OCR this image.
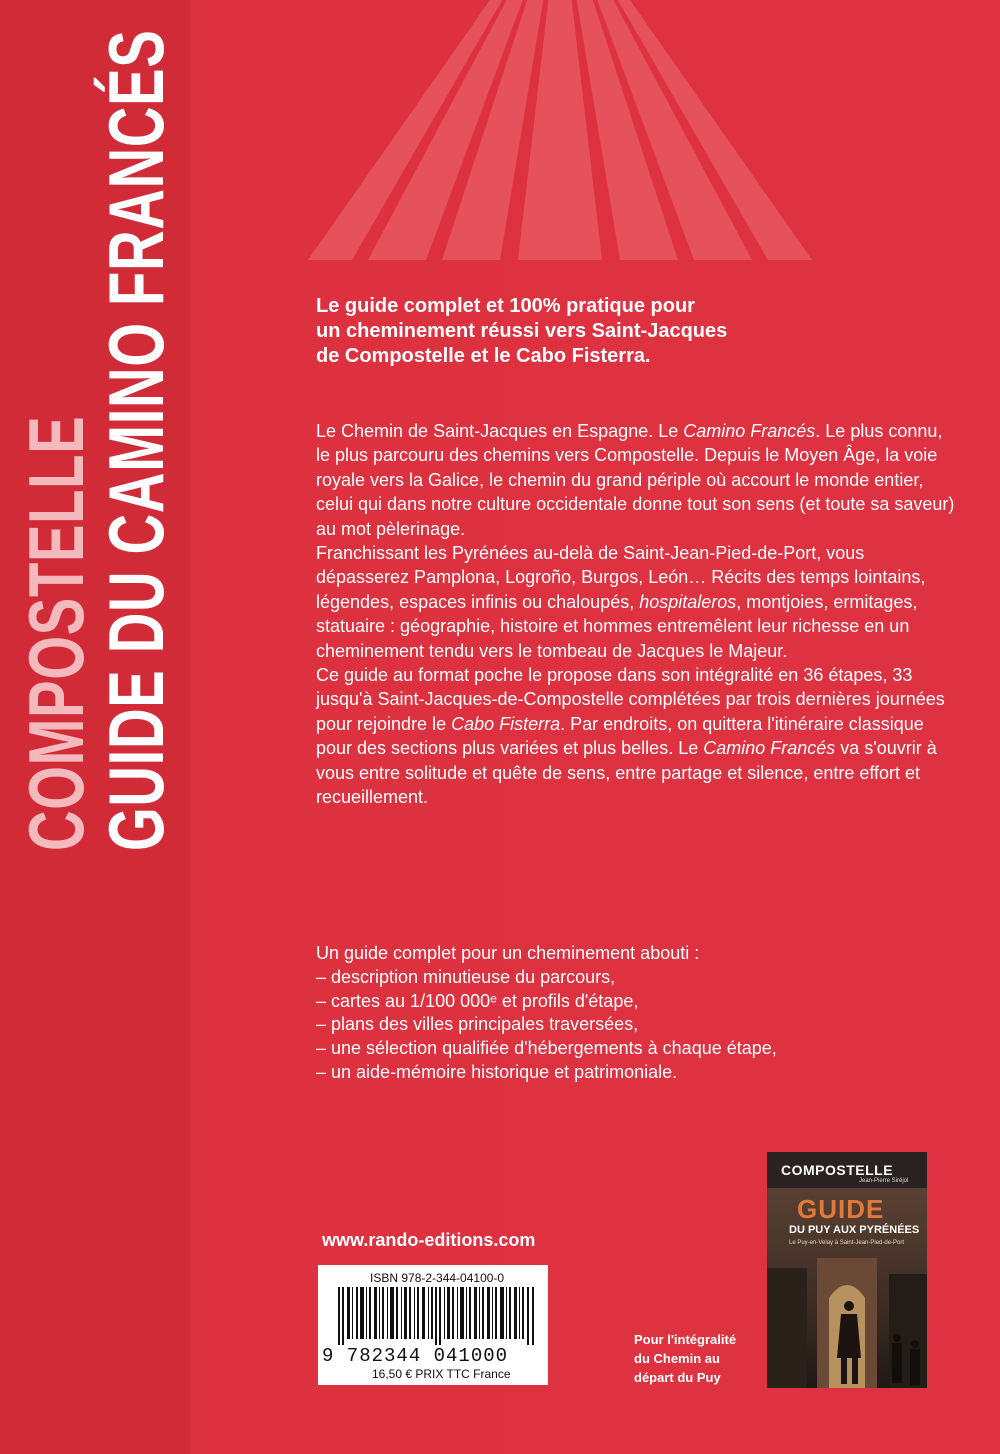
COMPOSTELLE
GUIDE DU CAMINO FRANCÉS	Le guide complet et 100% pratique pour
un cheminement réussi vers Saint-Jacques
de Compostelle et le Cabo Fisterra.

Le Chemin de Saint-Jacques en Espagne. Le Camino Francés. Le plus connu, le plus parcouru des chemins vers Compostelle. Depuis le Moyen Âge, la voie royale vers la Galice, le chemin du grand périple où accourt le monde entier, celui qui dans notre culture occidentale donne tout son sens (et toute sa saveur) au mot pèlerinage.

Franchissant les Pyrénées au-delà de Saint-Jean-Pied-de-Port, vous dépasserez Pamplona, Logroño, Burgos, León… Récits des temps lointains, légendes, espaces infinis ou chaloupés, hospitaleros, montjoies, ermitages, statuaire : géographie, histoire et hommes entremêlent leur richesse en un cheminement tendu vers le tombeau de Jacques le Majeur.

Ce guide au format poche le propose dans son intégralité en 36 étapes, 33 jusqu'à Saint-Jacques-de-Compostelle complétées par trois dernières journées pour rejoindre le Cabo Fisterra. Par endroits, on quittera l'itinéraire classique pour des sections plus variées et plus belles. Le Camino Francés va s'ouvrir à vous entre solitude et quête de sens, entre partage et silence, entre effort et recueillement.

Un guide complet pour un cheminement abouti :
– description minutieuse du parcours,
– cartes au 1/100 000ᵉ et profils d'étape,
– plans des villes principales traversées,
– une sélection qualifiée d'hébergements à chaque étape,
– un aide-mémoire historique et patrimoniale.
www.rando-editions.com
ISBN 978-2-344-04100-0
9 782344 041000
16,50 € PRIX TTC France
COMPOSTELLE
Jean-Pierre Siréjol
GUIDE
DU PUY AUX PYRÉNÉES
Le Puy-en-Velay à Saint-Jean-Pied-de-Port
Pour l'intégralité
du Chemin au
départ du Puy
